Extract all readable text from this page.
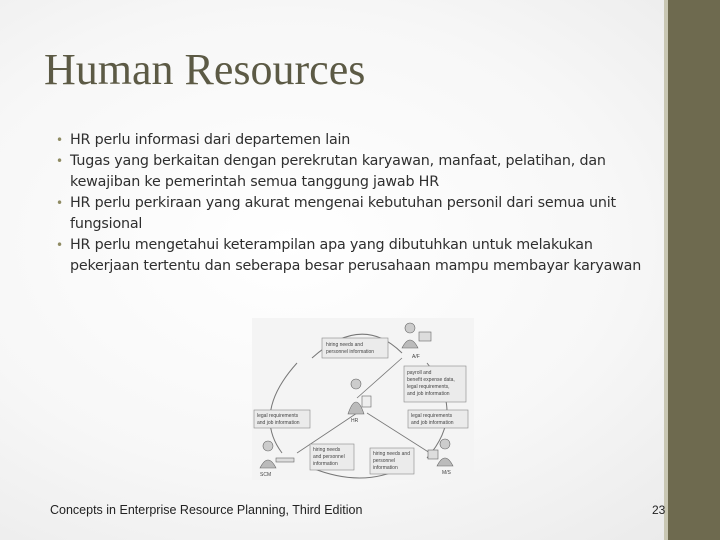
Human Resources
• HR perlu informasi dari departemen lain
• Tugas yang berkaitan dengan perekrutan karyawan, manfaat, pelatihan, dan kewajiban ke pemerintah semua tanggung jawab HR
• HR perlu perkiraan yang akurat mengenai kebutuhan personil dari semua unit fungsional
• HR perlu mengetahui keterampilan apa yang dibutuhkan untuk melakukan pekerjaan tertentu dan seberapa besar perusahaan mampu membayar karyawan
hiring needs and
personnel information
payroll and
benefit expense data,
legal requirements,
and job information
legal requirements
and job information
legal requirements
and job information
hiring needs
and personnel
information
hiring needs and
personnel
information
A/F
HR
SCM	M/S
Concepts in Enterprise Resource Planning, Third Edition	23
